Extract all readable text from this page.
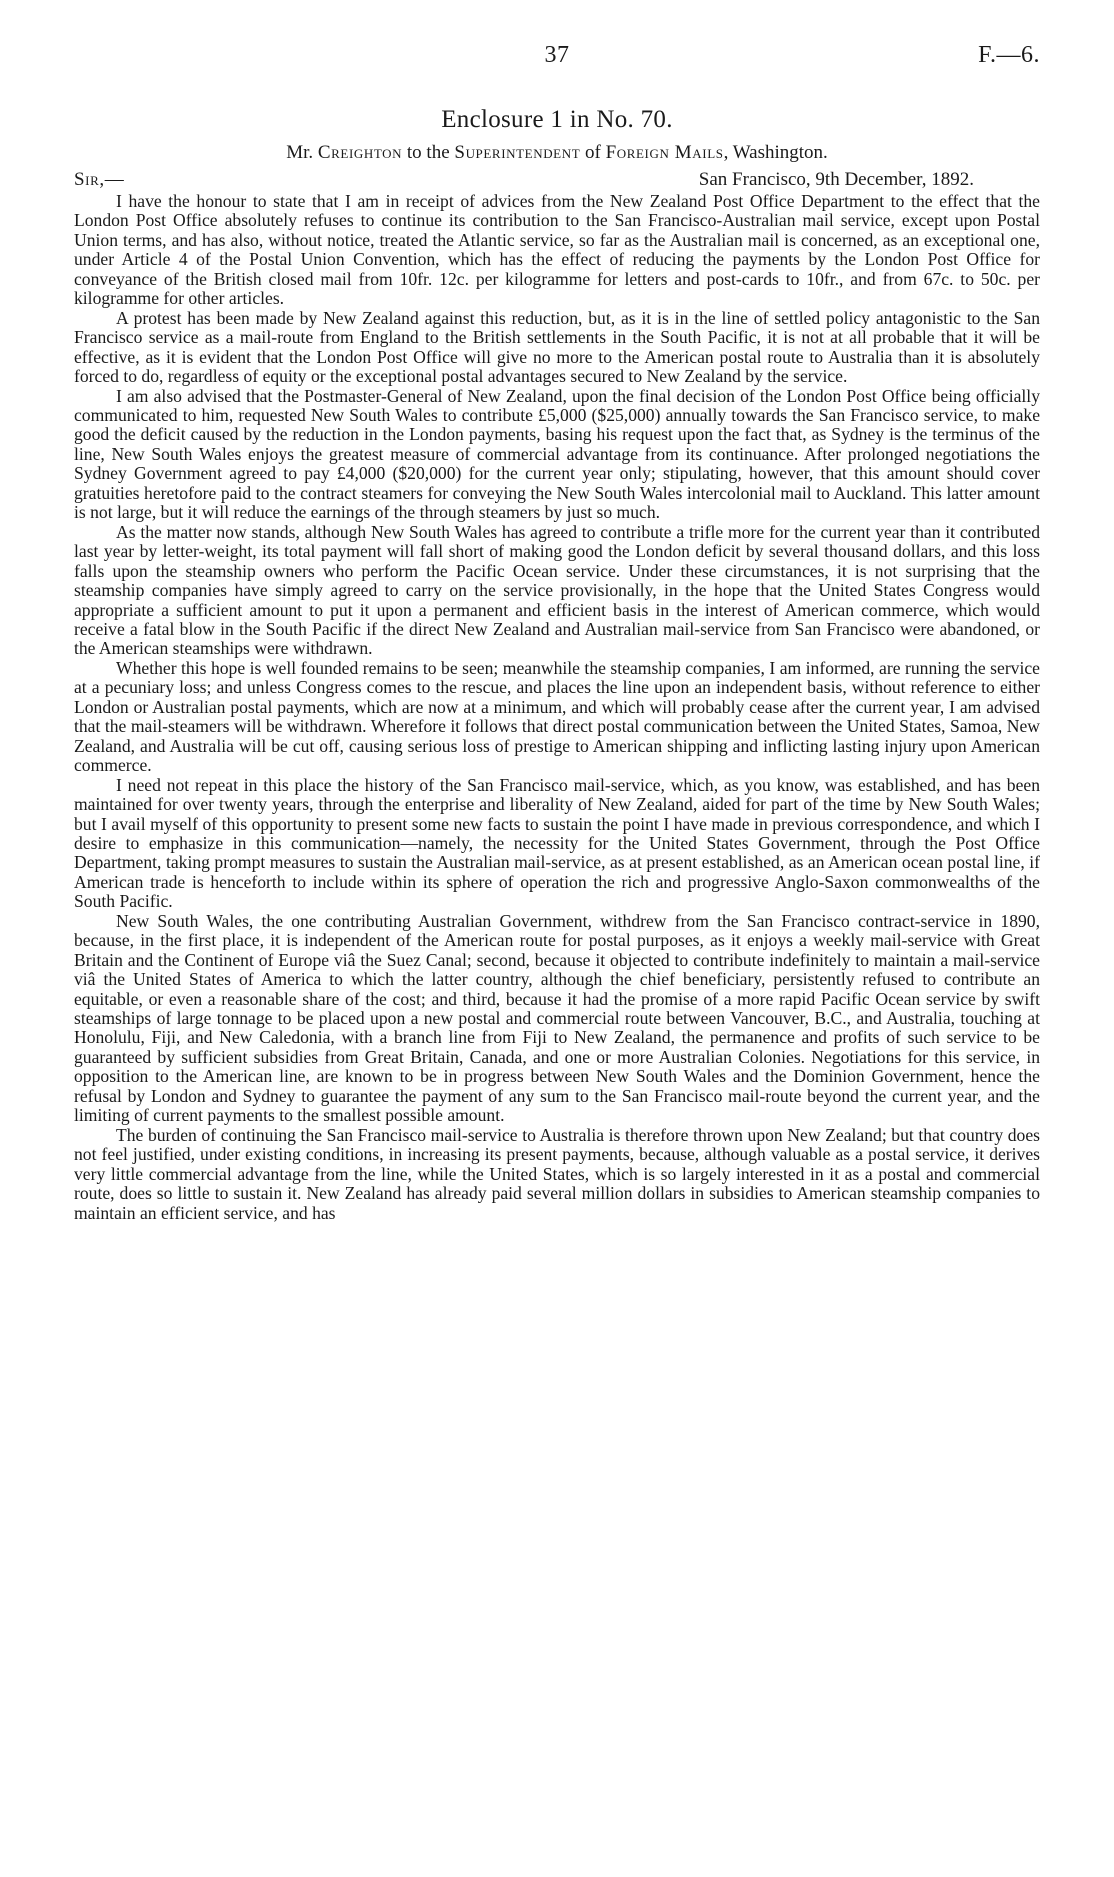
37	F.—6.
Enclosure 1 in No. 70.
Mr. Creighton to the Superintendent of Foreign Mails, Washington.
Sir,—	San Francisco, 9th December, 1892.

I have the honour to state that I am in receipt of advices from the New Zealand Post Office Department to the effect that the London Post Office absolutely refuses to continue its contribution to the San Francisco-Australian mail service, except upon Postal Union terms, and has also, without notice, treated the Atlantic service, so far as the Australian mail is concerned, as an exceptional one, under Article 4 of the Postal Union Convention, which has the effect of reducing the payments by the London Post Office for conveyance of the British closed mail from 10fr. 12c. per kilogramme for letters and post-cards to 10fr., and from 67c. to 50c. per kilogramme for other articles.

A protest has been made by New Zealand against this reduction, but, as it is in the line of settled policy antagonistic to the San Francisco service as a mail-route from England to the British settlements in the South Pacific, it is not at all probable that it will be effective, as it is evident that the London Post Office will give no more to the American postal route to Australia than it is absolutely forced to do, regardless of equity or the exceptional postal advantages secured to New Zealand by the service.

I am also advised that the Postmaster-General of New Zealand, upon the final decision of the London Post Office being officially communicated to him, requested New South Wales to contribute £5,000 ($25,000) annually towards the San Francisco service, to make good the deficit caused by the reduction in the London payments, basing his request upon the fact that, as Sydney is the terminus of the line, New South Wales enjoys the greatest measure of commercial advantage from its continuance. After prolonged negotiations the Sydney Government agreed to pay £4,000 ($20,000) for the current year only; stipulating, however, that this amount should cover gratuities heretofore paid to the contract steamers for conveying the New South Wales intercolonial mail to Auckland. This latter amount is not large, but it will reduce the earnings of the through steamers by just so much.

As the matter now stands, although New South Wales has agreed to contribute a trifle more for the current year than it contributed last year by letter-weight, its total payment will fall short of making good the London deficit by several thousand dollars, and this loss falls upon the steamship owners who perform the Pacific Ocean service. Under these circumstances, it is not surprising that the steamship companies have simply agreed to carry on the service provisionally, in the hope that the United States Congress would appropriate a sufficient amount to put it upon a permanent and efficient basis in the interest of American commerce, which would receive a fatal blow in the South Pacific if the direct New Zealand and Australian mail-service from San Francisco were abandoned, or the American steamships were withdrawn.

Whether this hope is well founded remains to be seen; meanwhile the steamship companies, I am informed, are running the service at a pecuniary loss; and unless Congress comes to the rescue, and places the line upon an independent basis, without reference to either London or Australian postal payments, which are now at a minimum, and which will probably cease after the current year, I am advised that the mail-steamers will be withdrawn. Wherefore it follows that direct postal communication between the United States, Samoa, New Zealand, and Australia will be cut off, causing serious loss of prestige to American shipping and inflicting lasting injury upon American commerce.

I need not repeat in this place the history of the San Francisco mail-service, which, as you know, was established, and has been maintained for over twenty years, through the enterprise and liberality of New Zealand, aided for part of the time by New South Wales; but I avail myself of this opportunity to present some new facts to sustain the point I have made in previous correspondence, and which I desire to emphasize in this communication—namely, the necessity for the United States Government, through the Post Office Department, taking prompt measures to sustain the Australian mail-service, as at present established, as an American ocean postal line, if American trade is henceforth to include within its sphere of operation the rich and progressive Anglo-Saxon commonwealths of the South Pacific.

New South Wales, the one contributing Australian Government, withdrew from the San Francisco contract-service in 1890, because, in the first place, it is independent of the American route for postal purposes, as it enjoys a weekly mail-service with Great Britain and the Continent of Europe viâ the Suez Canal; second, because it objected to contribute indefinitely to maintain a mail-service viâ the United States of America to which the latter country, although the chief beneficiary, persistently refused to contribute an equitable, or even a reasonable share of the cost; and third, because it had the promise of a more rapid Pacific Ocean service by swift steamships of large tonnage to be placed upon a new postal and commercial route between Vancouver, B.C., and Australia, touching at Honolulu, Fiji, and New Caledonia, with a branch line from Fiji to New Zealand, the permanence and profits of such service to be guaranteed by sufficient subsidies from Great Britain, Canada, and one or more Australian Colonies. Negotiations for this service, in opposition to the American line, are known to be in progress between New South Wales and the Dominion Government, hence the refusal by London and Sydney to guarantee the payment of any sum to the San Francisco mail-route beyond the current year, and the limiting of current payments to the smallest possible amount.

The burden of continuing the San Francisco mail-service to Australia is therefore thrown upon New Zealand; but that country does not feel justified, under existing conditions, in increasing its present payments, because, although valuable as a postal service, it derives very little commercial advantage from the line, while the United States, which is so largely interested in it as a postal and commercial route, does so little to sustain it. New Zealand has already paid several million dollars in subsidies to American steamship companies to maintain an efficient service, and has
